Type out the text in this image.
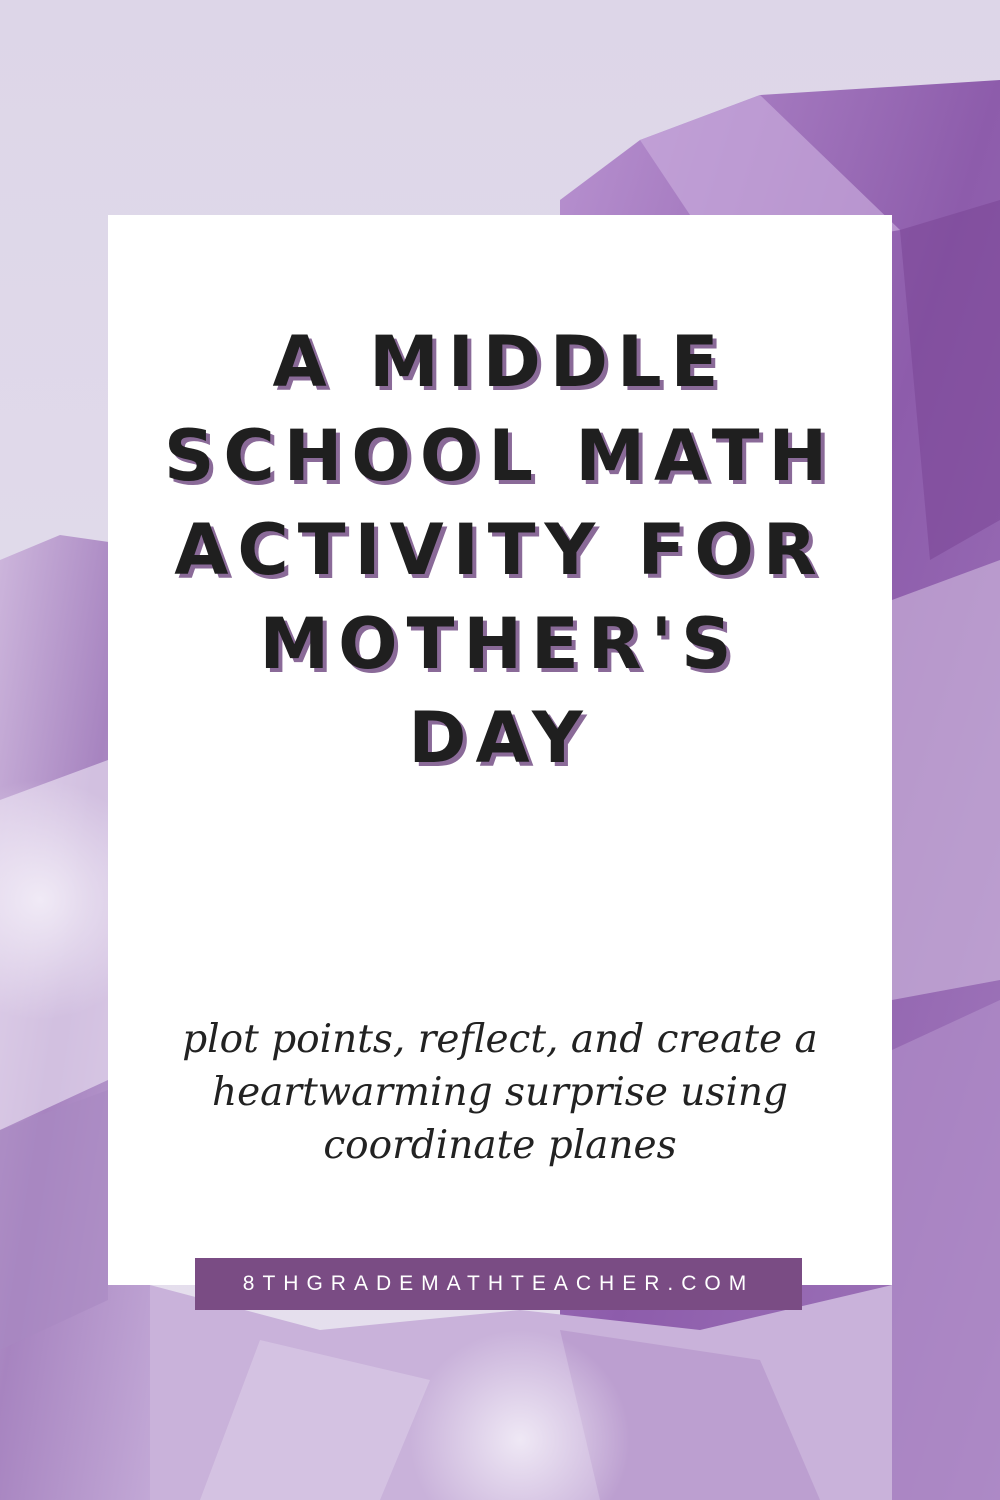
A MIDDLE
SCHOOL MATH
ACTIVITY FOR
MOTHER'S
DAY

plot points, reflect, and create a
heartwarming surprise using
coordinate planes

8THGRADEMATHTEACHER.COM
